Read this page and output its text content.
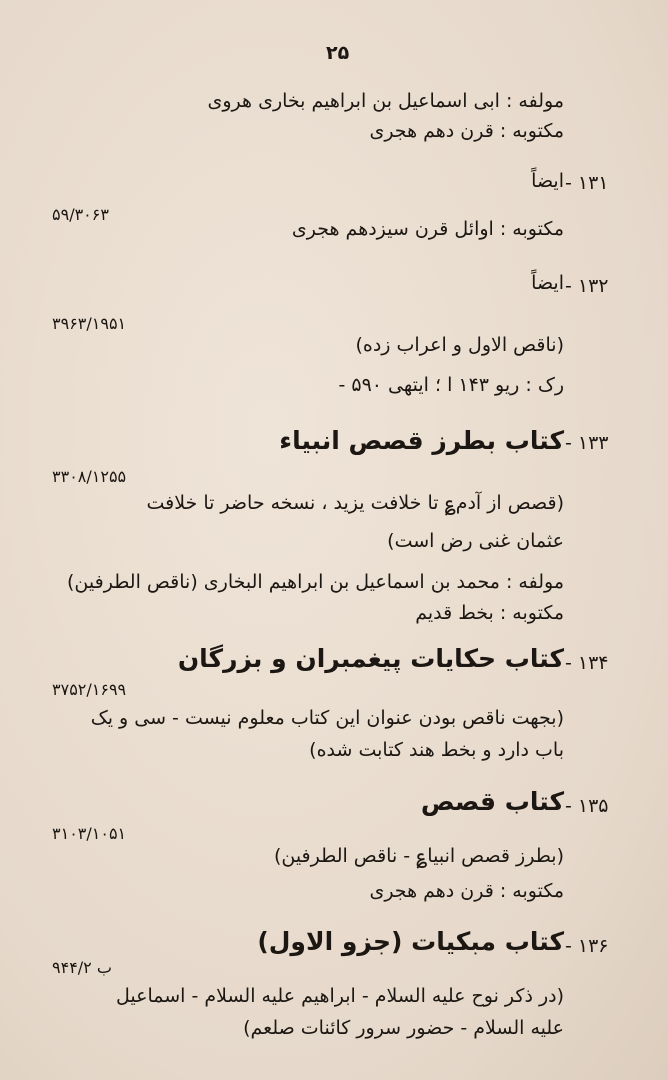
۲۵
مولفه : ابی اسماعیل بن ابراهیم بخاری هروی
مکتوبه : قرن دهم هجری
- ۱۳۱
ایضاً
۵۹/۳۰۶۳
مکتوبه : اوائل قرن سیزدهم هجری
- ۱۳۲
ایضاً
۳۹۶۳/۱۹۵۱
(ناقص الاول و اعراب زده)
رک : ریو ۱۴۳ ا ؛ ایتهی ۵۹۰ -
- ۱۳۳
کتاب بطرز قصص انبیاء
۳۳۰۸/۱۲۵۵
(قصص از آدم؏ تا خلافت یزید ، نسخه حاضر تا خلافت
عثمان غنی رض است)
مولفه : محمد بن اسماعیل بن ابراهیم البخاری (ناقص الطرفین)
مکتوبه : بخط قدیم
- ۱۳۴
کتاب حکایات پیغمبران و بزرگان
۳۷۵۲/۱۶۹۹
(بجهت ناقص بودن عنوان این کتاب معلوم نیست - سی و یک
باب دارد و بخط هند کتابت شده)
- ۱۳۵
کتاب قصص
۳۱۰۳/۱۰۵۱
(بطرز قصص انبیا؏ - ناقص الطرفین)
مکتوبه : قرن دهم هجری
- ۱۳۶
کتاب مبکیات (جزو الاول)
۹۴۴/۲ ب
(در ذکر نوح علیه السلام - ابراهیم علیه السلام - اسماعیل
علیه السلام - حضور سرور کائنات صلعم)
